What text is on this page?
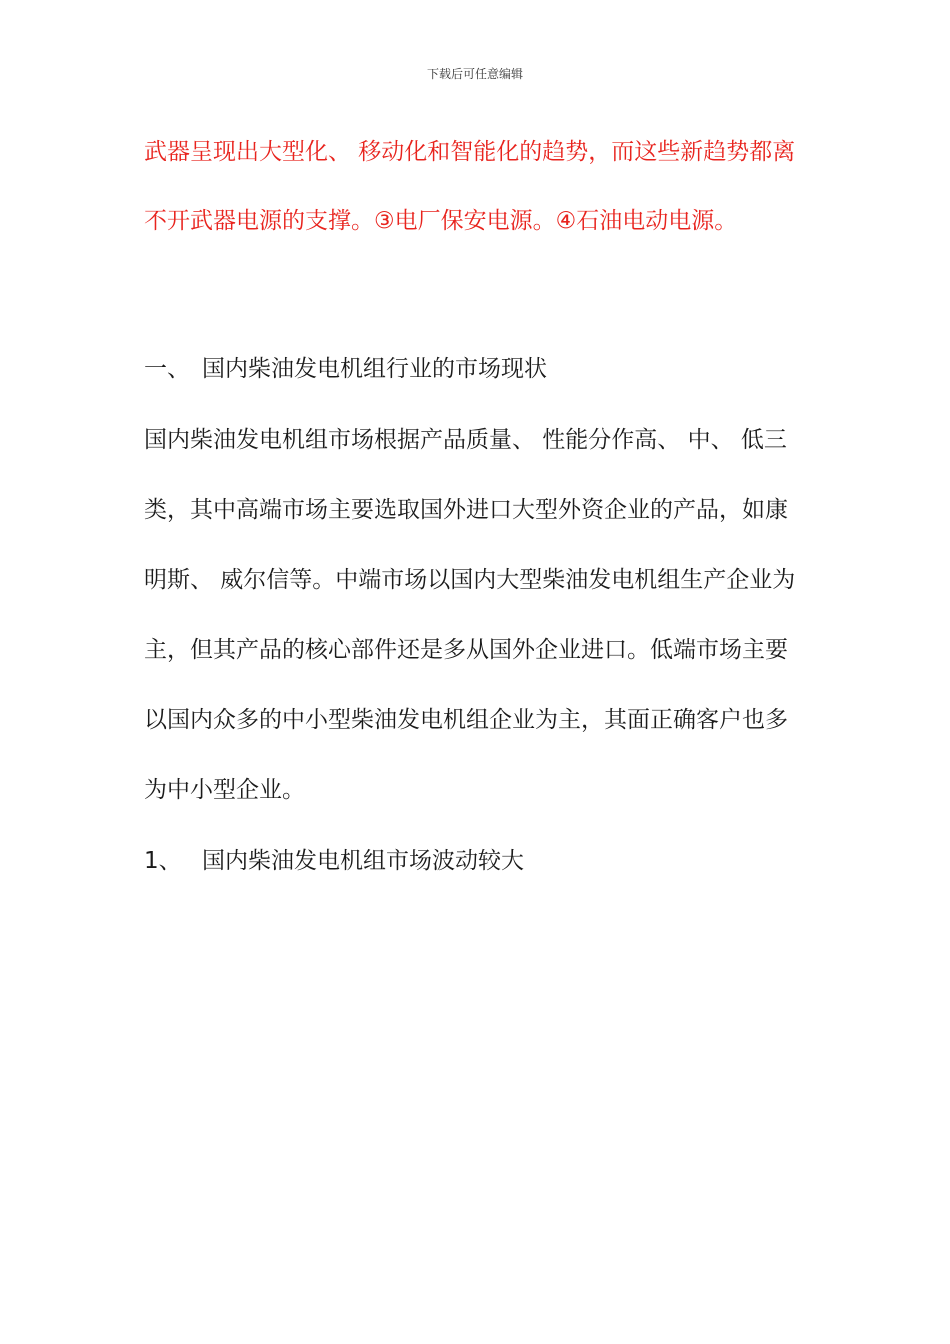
下载后可任意编辑
武器呈现出大型化、 移动化和智能化的趋势，而这些新趋势都离
不开武器电源的支撑。③电厂保安电源。④石油电动电源。
一、 国内柴油发电机组行业的市场现状
国内柴油发电机组市场根据产品质量、 性能分作高、 中、 低三
类，其中高端市场主要选取国外进口大型外资企业的产品，如康
明斯、 威尔信等。中端市场以国内大型柴油发电机组生产企业为
主，但其产品的核心部件还是多从国外企业进口。低端市场主要
以国内众多的中小型柴油发电机组企业为主，其面正确客户也多
为中小型企业。
1、 国内柴油发电机组市场波动较大
